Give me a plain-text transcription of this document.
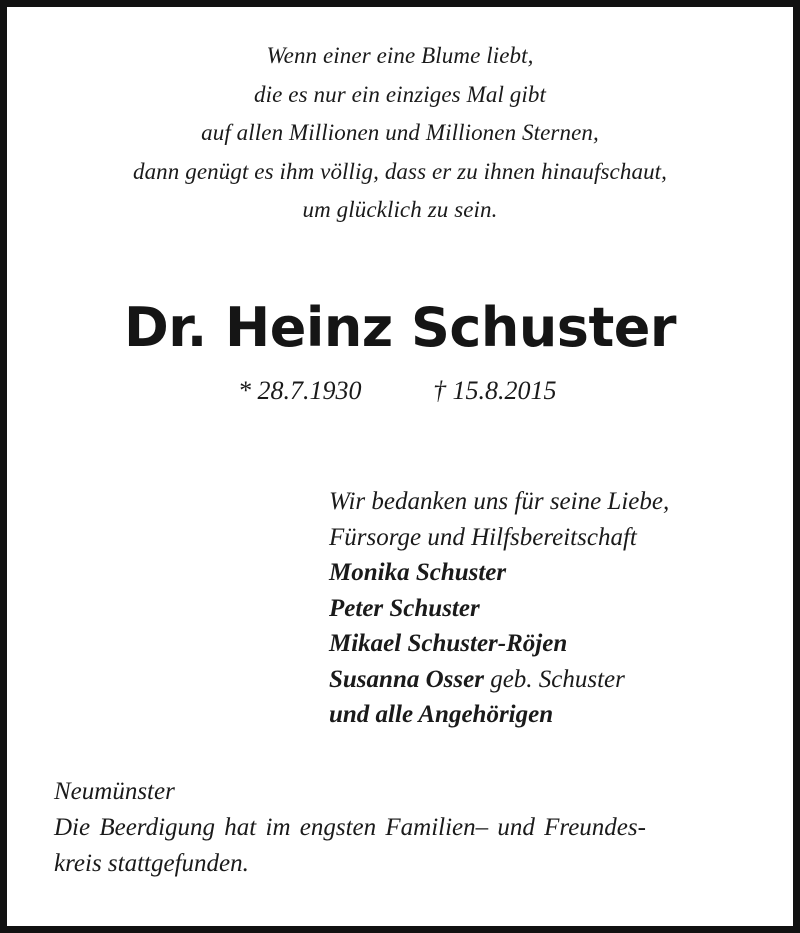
Wenn einer eine Blume liebt,
die es nur ein einziges Mal gibt
auf allen Millionen und Millionen Sternen,
dann genügt es ihm völlig, dass er zu ihnen hinaufschaut,
um glücklich zu sein.
Dr. Heinz Schuster
* 28.7.1930	† 15.8.2015
Wir bedanken uns für seine Liebe,
Fürsorge und Hilfsbereitschaft
Monika Schuster
Peter Schuster
Mikael Schuster-Röjen
Susanna Osser geb. Schuster
und alle Angehörigen
Neumünster
Die Beerdigung hat im engsten Familien– und Freundes-
kreis stattgefunden.
